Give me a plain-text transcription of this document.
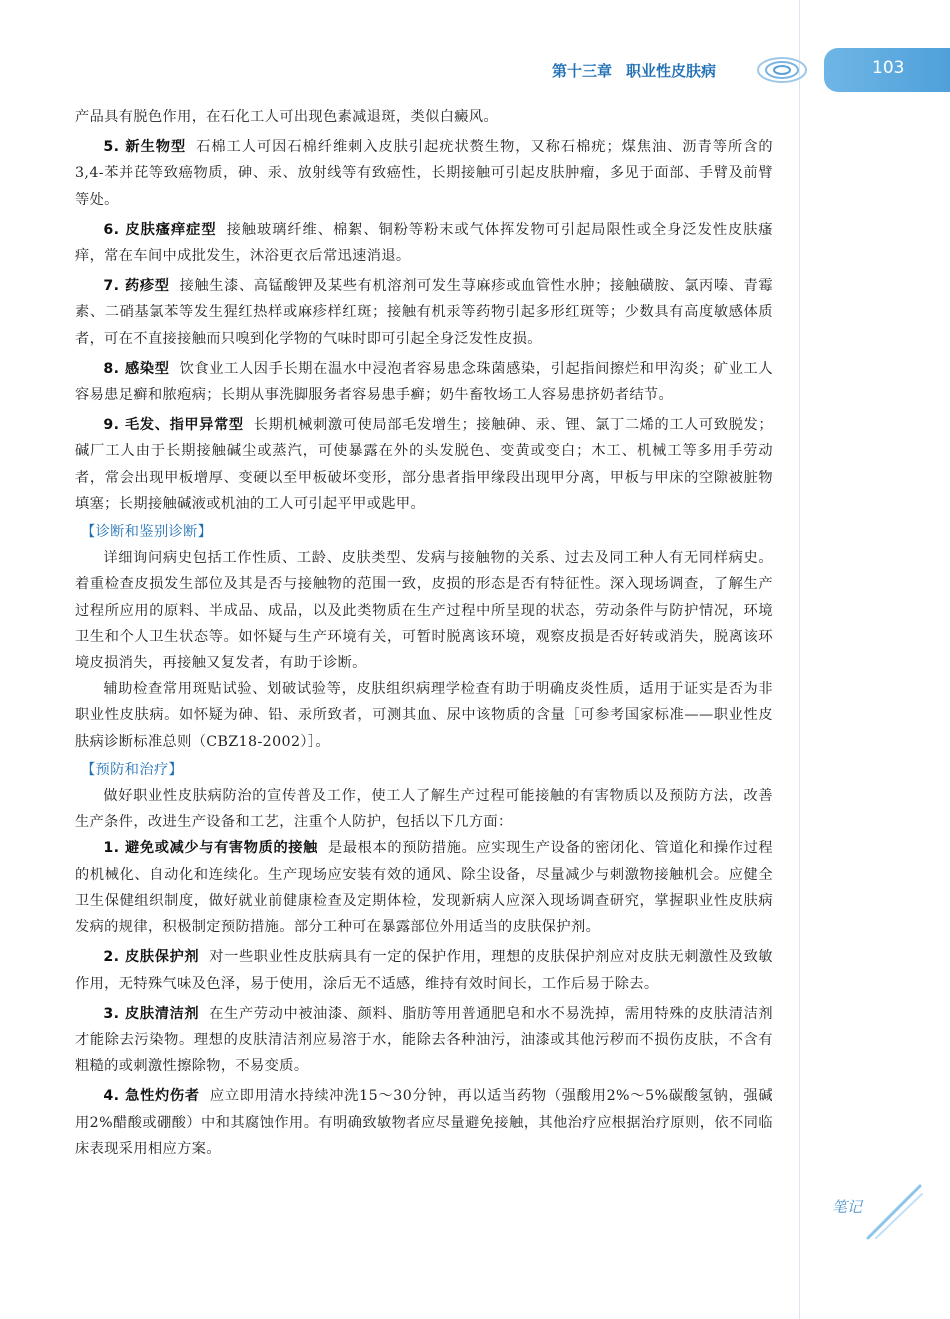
第十三章 职业性皮肤病	103

产品具有脱色作用，在石化工人可出现色素减退斑，类似白癜风。

5. 新生物型 石棉工人可因石棉纤维刺入皮肤引起疣状赘生物，又称石棉疣；煤焦油、沥青等所含的3,4-苯并芘等致癌物质，砷、汞、放射线等有致癌性，长期接触可引起皮肤肿瘤，多见于面部、手臂及前臂等处。

6. 皮肤瘙痒症型 接触玻璃纤维、棉絮、铜粉等粉末或气体挥发物可引起局限性或全身泛发性皮肤瘙痒，常在车间中成批发生，沐浴更衣后常迅速消退。

7. 药疹型 接触生漆、高锰酸钾及某些有机溶剂可发生荨麻疹或血管性水肿；接触磺胺、氯丙嗪、青霉素、二硝基氯苯等发生猩红热样或麻疹样红斑；接触有机汞等药物引起多形红斑等；少数具有高度敏感体质者，可在不直接接触而只嗅到化学物的气味时即可引起全身泛发性皮损。

8. 感染型 饮食业工人因手长期在温水中浸泡者容易患念珠菌感染，引起指间擦烂和甲沟炎；矿业工人容易患足癣和脓疱病；长期从事洗脚服务者容易患手癣；奶牛畜牧场工人容易患挤奶者结节。

9. 毛发、指甲异常型 长期机械刺激可使局部毛发增生；接触砷、汞、锂、氯丁二烯的工人可致脱发；碱厂工人由于长期接触碱尘或蒸汽，可使暴露在外的头发脱色、变黄或变白；木工、机械工等多用手劳动者，常会出现甲板增厚、变硬以至甲板破坏变形，部分患者指甲缘段出现甲分离，甲板与甲床的空隙被脏物填塞；长期接触碱液或机油的工人可引起平甲或匙甲。

【诊断和鉴别诊断】

详细询问病史包括工作性质、工龄、皮肤类型、发病与接触物的关系、过去及同工种人有无同样病史。着重检查皮损发生部位及其是否与接触物的范围一致，皮损的形态是否有特征性。深入现场调查，了解生产过程所应用的原料、半成品、成品，以及此类物质在生产过程中所呈现的状态，劳动条件与防护情况，环境卫生和个人卫生状态等。如怀疑与生产环境有关，可暂时脱离该环境，观察皮损是否好转或消失，脱离该环境皮损消失，再接触又复发者，有助于诊断。

辅助检查常用斑贴试验、划破试验等，皮肤组织病理学检查有助于明确皮炎性质，适用于证实是否为非职业性皮肤病。如怀疑为砷、铅、汞所致者，可测其血、尿中该物质的含量［可参考国家标准——职业性皮肤病诊断标准总则（CBZ18-2002）］。

【预防和治疗】

做好职业性皮肤病防治的宣传普及工作，使工人了解生产过程可能接触的有害物质以及预防方法，改善生产条件，改进生产设备和工艺，注重个人防护，包括以下几方面：

1. 避免或减少与有害物质的接触 是最根本的预防措施。应实现生产设备的密闭化、管道化和操作过程的机械化、自动化和连续化。生产现场应安装有效的通风、除尘设备，尽量减少与刺激物接触机会。应健全卫生保健组织制度，做好就业前健康检查及定期体检，发现新病人应深入现场调查研究，掌握职业性皮肤病发病的规律，积极制定预防措施。部分工种可在暴露部位外用适当的皮肤保护剂。

2. 皮肤保护剂 对一些职业性皮肤病具有一定的保护作用，理想的皮肤保护剂应对皮肤无刺激性及致敏作用，无特殊气味及色泽，易于使用，涂后无不适感，维持有效时间长，工作后易于除去。

3. 皮肤清洁剂 在生产劳动中被油漆、颜料、脂肪等用普通肥皂和水不易洗掉，需用特殊的皮肤清洁剂才能除去污染物。理想的皮肤清洁剂应易溶于水，能除去各种油污，油漆或其他污秽而不损伤皮肤，不含有粗糙的或刺激性擦除物，不易变质。

4. 急性灼伤者 应立即用清水持续冲洗15～30分钟，再以适当药物（强酸用2%～5%碳酸氢钠，强碱用2%醋酸或硼酸）中和其腐蚀作用。有明确致敏物者应尽量避免接触，其他治疗应根据治疗原则，依不同临床表现采用相应方案。

笔记
